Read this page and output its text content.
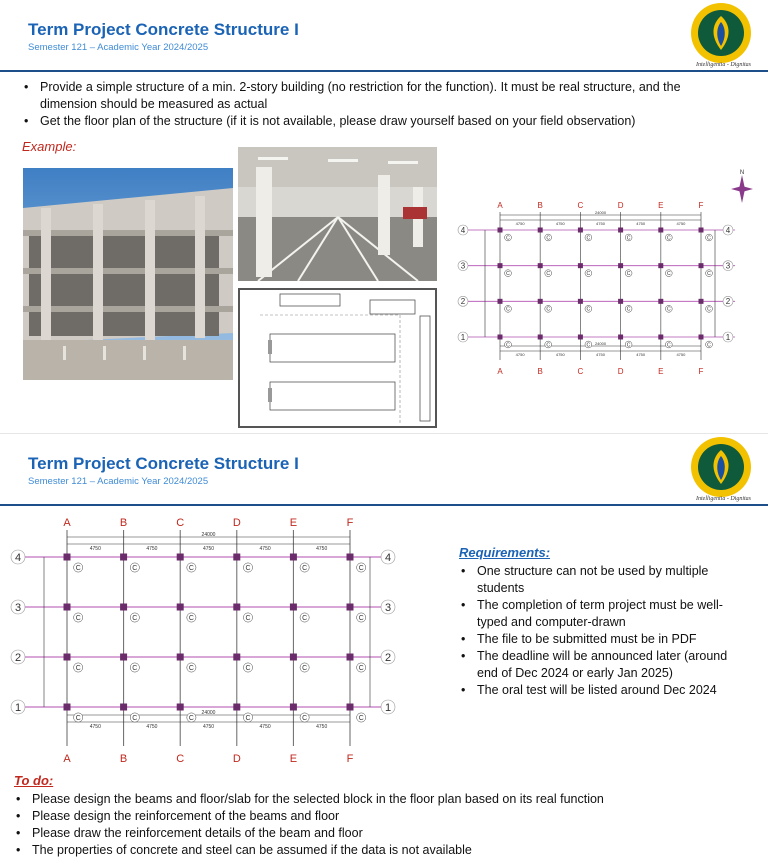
Term Project Concrete Structure I
Semester 121 – Academic Year 2024/2025
Intelligentia - Dignitas
• Provide a simple structure of a min. 2-story building (no restriction for the function). It must be real structure, and the dimension should be measured as actual
• Get the floor plan of the structure (if it is not available, please draw yourself based on your field observation)
Example:
N
24000
24000
4750
4750
4750
4750
4750
4750
4750
4750
4750
4750
C	C	C	C	C	C
C	C	C	C	C	C
C	C	C	C	C	C
C	C	C	C	C	C
A
A
B
B
C
C
D
D
E
E
F
F
4	4
3	3
2	2
1	1
Term Project Concrete Structure I
Semester 121 – Academic Year 2024/2025
Intelligentia - Dignitas
24000
24000
4750
4750
4750
4750
4750
4750
4750
4750
4750
4750
C	C	C	C	C	C
C	C	C	C	C	C
C	C	C	C	C	C
C	C	C	C	C	C
A
A
B
B
C
C
D
D
E
E
F
F
4	4
3	3
2	2
1	1
Requirements:
• One structure can not be used by multiple students
• The completion of term project must be well-typed and computer-drawn
• The file to be submitted must be in PDF
• The deadline will be announced later (around end of Dec 2024 or early Jan 2025)
• The oral test will be listed around Dec 2024
To do:
• Please design the beams and floor/slab for the selected block in the floor plan based on its real function
• Please design the reinforcement of the beams and floor
• Please draw the reinforcement details of the beam and floor
• The properties of concrete and steel can be assumed if the data is not available
